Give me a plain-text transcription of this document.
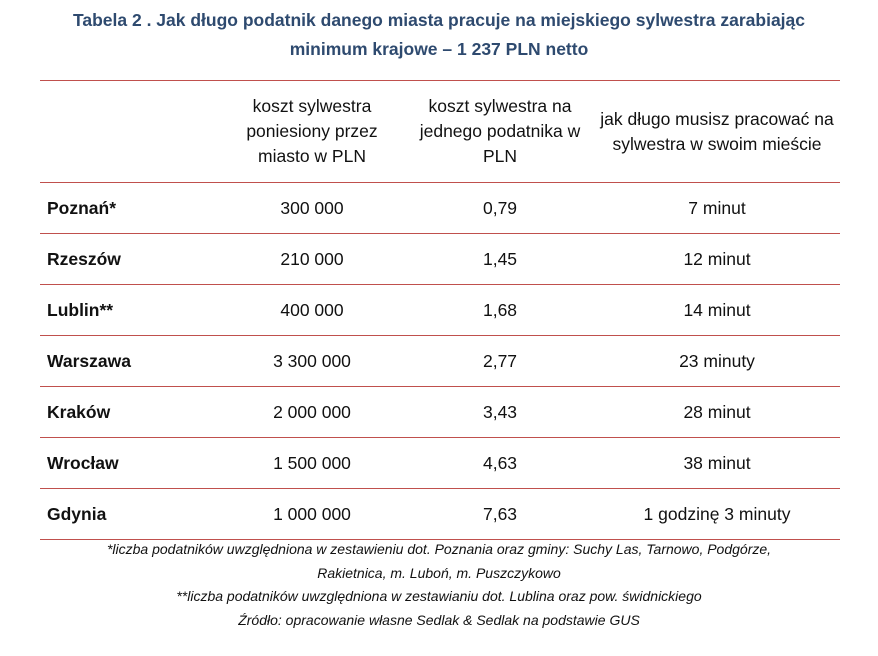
Tabela 2 . Jak długo podatnik danego miasta pracuje na miejskiego sylwestra zarabiając
minimum krajowe – 1 237 PLN netto
	koszt sylwestra poniesiony przez miasto w PLN	koszt sylwestra na jednego podatnika w PLN	jak długo musisz pracować na sylwestra w swoim mieście
Poznań*	300 000	0,79	7 minut
Rzeszów	210 000	1,45	12 minut
Lublin**	400 000	1,68	14 minut
Warszawa	3 300 000	2,77	23 minuty
Kraków	2 000 000	3,43	28 minut
Wrocław	1 500 000	4,63	38 minut
Gdynia	1 000 000	7,63	1 godzinę 3 minuty
*liczba podatników uwzględniona w zestawieniu dot. Poznania oraz gminy: Suchy Las, Tarnowo, Podgórze,
Rakietnica, m. Luboń, m. Puszczykowo
**liczba podatników uwzględniona w zestawianiu dot. Lublina oraz pow. świdnickiego
Źródło: opracowanie własne Sedlak & Sedlak na podstawie GUS
